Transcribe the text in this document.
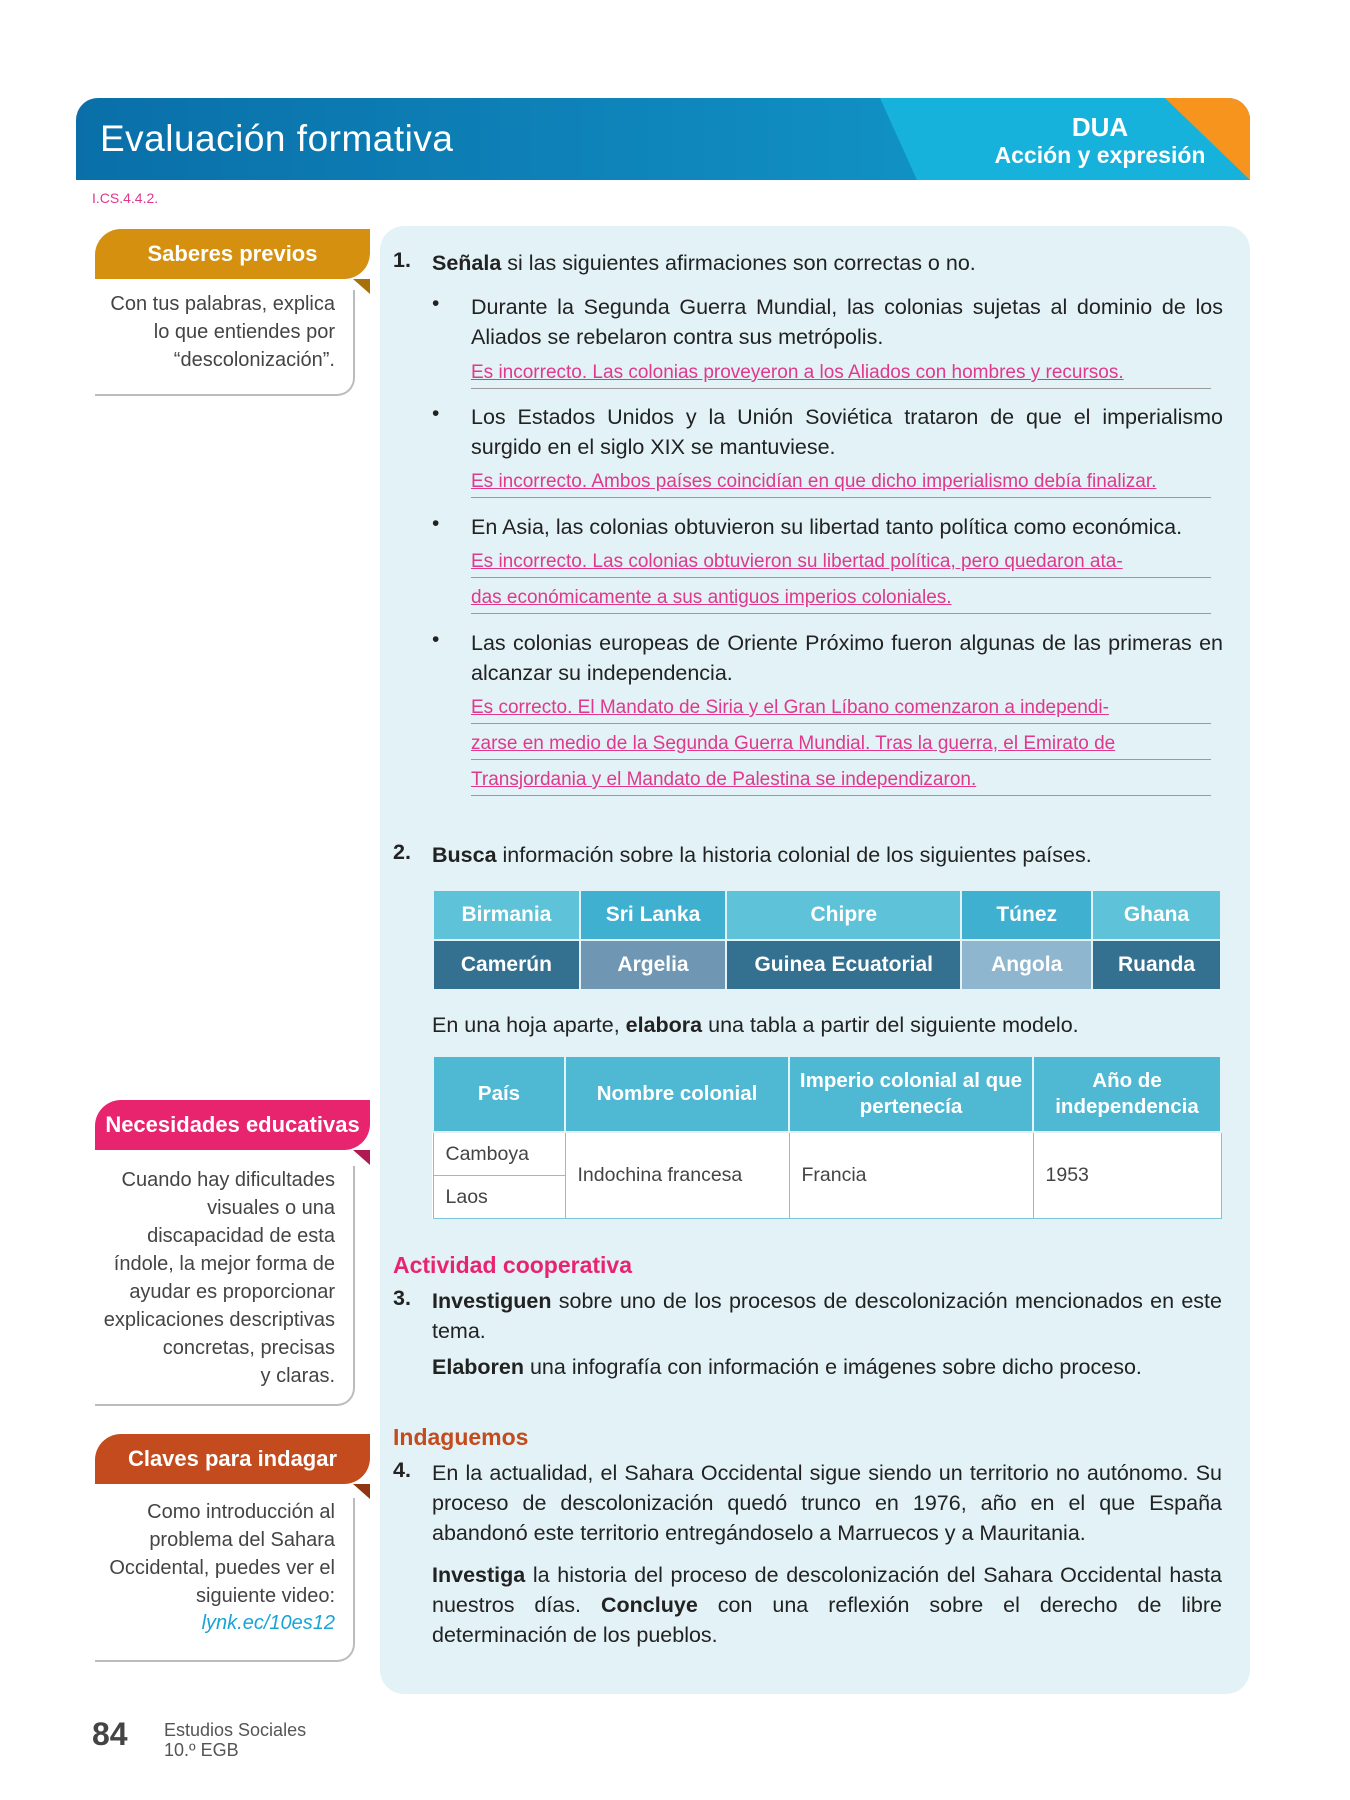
Evaluación formativa	DUA
Acción y expresión
I.CS.4.4.2.
Saberes previos
Con tus palabras, explica
lo que entiendes por
“descolonización”.
Necesidades educativas
Cuando hay dificultades
visuales o una
discapacidad de esta
índole, la mejor forma de
ayudar es proporcionar
explicaciones descriptivas
concretas, precisas
y claras.
Claves para indagar
Como introducción al
problema del Sahara
Occidental, puedes ver el
siguiente video:
lynk.ec/10es12
1. Señala si las siguientes afirmaciones son correctas o no.
• Durante la Segunda Guerra Mundial, las colonias sujetas al dominio de los Aliados se rebelaron contra sus metrópolis.
Es incorrecto. Las colonias proveyeron a los Aliados con hombres y recursos.
• Los Estados Unidos y la Unión Soviética trataron de que el imperialismo surgido en el siglo XIX se mantuviese.
Es incorrecto. Ambos países coincidían en que dicho imperialismo debía finalizar.
• En Asia, las colonias obtuvieron su libertad tanto política como económica.
Es incorrecto. Las colonias obtuvieron su libertad política, pero quedaron ata-
das económicamente a sus antiguos imperios coloniales.
• Las colonias europeas de Oriente Próximo fueron algunas de las primeras en alcanzar su independencia.
Es correcto. El Mandato de Siria y el Gran Líbano comenzaron a independi-
zarse en medio de la Segunda Guerra Mundial. Tras la guerra, el Emirato de
Transjordania y el Mandato de Palestina se independizaron.
2. Busca información sobre la historia colonial de los siguientes países.
Birmania	Sri Lanka	Chipre	Túnez	Ghana
Camerún	Argelia	Guinea Ecuatorial	Angola	Ruanda
En una hoja aparte, elabora una tabla a partir del siguiente modelo.
País	Nombre colonial	Imperio colonial al que pertenecía	Año de independencia
Camboya	Indochina francesa	Francia	1953
Laos			
Actividad cooperativa
3. Investiguen sobre uno de los procesos de descolonización mencionados en este tema.
Elaboren una infografía con información e imágenes sobre dicho proceso.
Indaguemos
4. En la actualidad, el Sahara Occidental sigue siendo un territorio no autónomo. Su proceso de descolonización quedó trunco en 1976, año en el que España abandonó este territorio entregándoselo a Marruecos y a Mauritania.
Investiga la historia del proceso de descolonización del Sahara Occidental hasta nuestros días. Concluye con una reflexión sobre el derecho de libre determinación de los pueblos.
84 Estudios Sociales
10.º EGB
